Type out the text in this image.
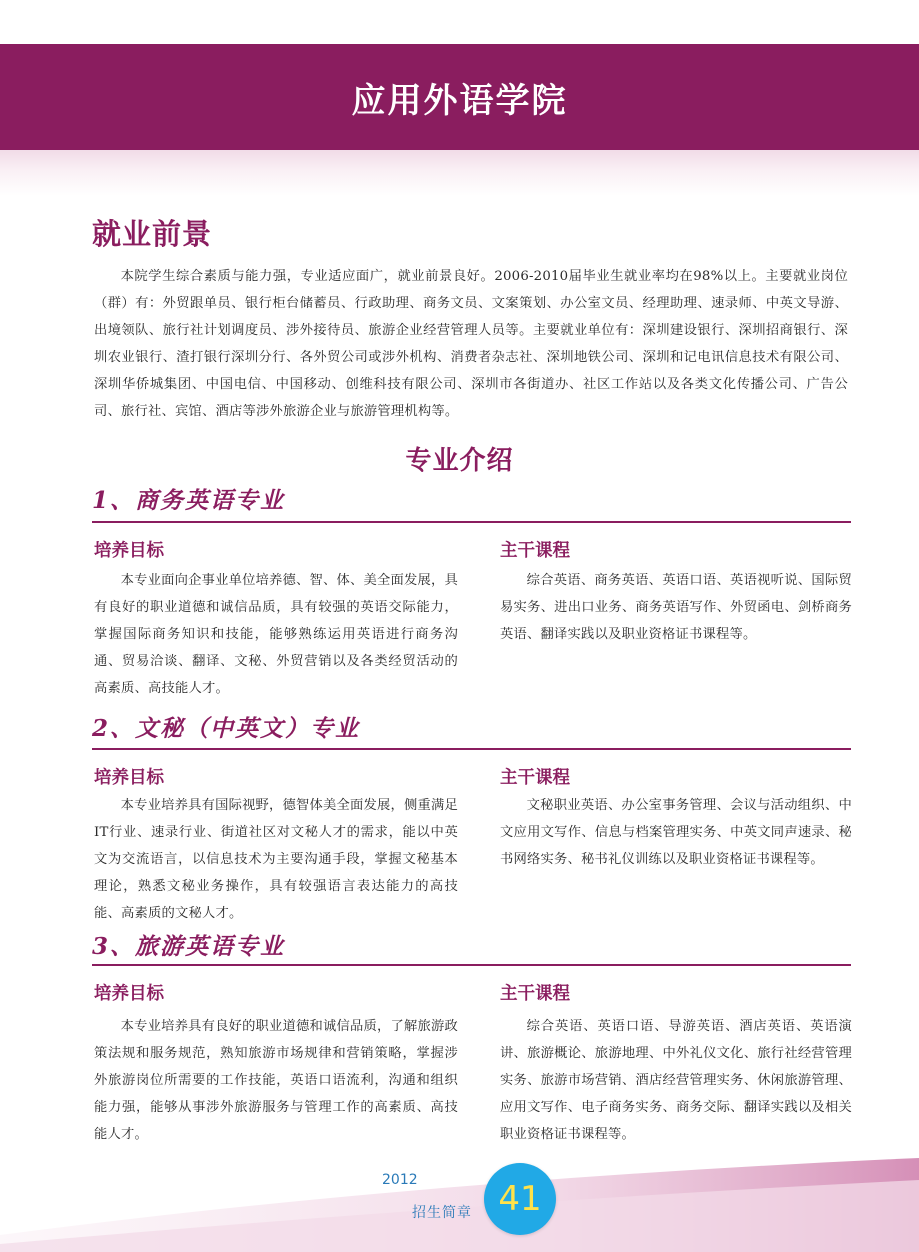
应用外语学院
就业前景
本院学生综合素质与能力强，专业适应面广，就业前景良好。2006-2010届毕业生就业率均在98%以上。主要就业岗位（群）有：外贸跟单员、银行柜台储蓄员、行政助理、商务文员、文案策划、办公室文员、经理助理、速录师、中英文导游、出境领队、旅行社计划调度员、涉外接待员、旅游企业经营管理人员等。主要就业单位有：深圳建设银行、深圳招商银行、深圳农业银行、渣打银行深圳分行、各外贸公司或涉外机构、消费者杂志社、深圳地铁公司、深圳和记电讯信息技术有限公司、深圳华侨城集团、中国电信、中国移动、创维科技有限公司、深圳市各街道办、社区工作站以及各类文化传播公司、广告公司、旅行社、宾馆、酒店等涉外旅游企业与旅游管理机构等。
专业介绍
1、商务英语专业
培养目标
本专业面向企事业单位培养德、智、体、美全面发展，具有良好的职业道德和诚信品质，具有较强的英语交际能力，掌握国际商务知识和技能，能够熟练运用英语进行商务沟通、贸易洽谈、翻译、文秘、外贸营销以及各类经贸活动的高素质、高技能人才。
主干课程
综合英语、商务英语、英语口语、英语视听说、国际贸易实务、进出口业务、商务英语写作、外贸函电、剑桥商务英语、翻译实践以及职业资格证书课程等。
2、文秘（中英文）专业
培养目标
本专业培养具有国际视野，德智体美全面发展，侧重满足IT行业、速录行业、街道社区对文秘人才的需求，能以中英文为交流语言，以信息技术为主要沟通手段，掌握文秘基本理论，熟悉文秘业务操作，具有较强语言表达能力的高技能、高素质的文秘人才。
主干课程
文秘职业英语、办公室事务管理、会议与活动组织、中文应用文写作、信息与档案管理实务、中英文同声速录、秘书网络实务、秘书礼仪训练以及职业资格证书课程等。
3、旅游英语专业
培养目标
本专业培养具有良好的职业道德和诚信品质，了解旅游政策法规和服务规范，熟知旅游市场规律和营销策略，掌握涉外旅游岗位所需要的工作技能，英语口语流利，沟通和组织能力强，能够从事涉外旅游服务与管理工作的高素质、高技能人才。
主干课程
综合英语、英语口语、导游英语、酒店英语、英语演讲、旅游概论、旅游地理、中外礼仪文化、旅行社经营管理实务、旅游市场营销、酒店经营管理实务、休闲旅游管理、应用文写作、电子商务实务、商务交际、翻译实践以及相关职业资格证书课程等。
2012
招生简章 41
